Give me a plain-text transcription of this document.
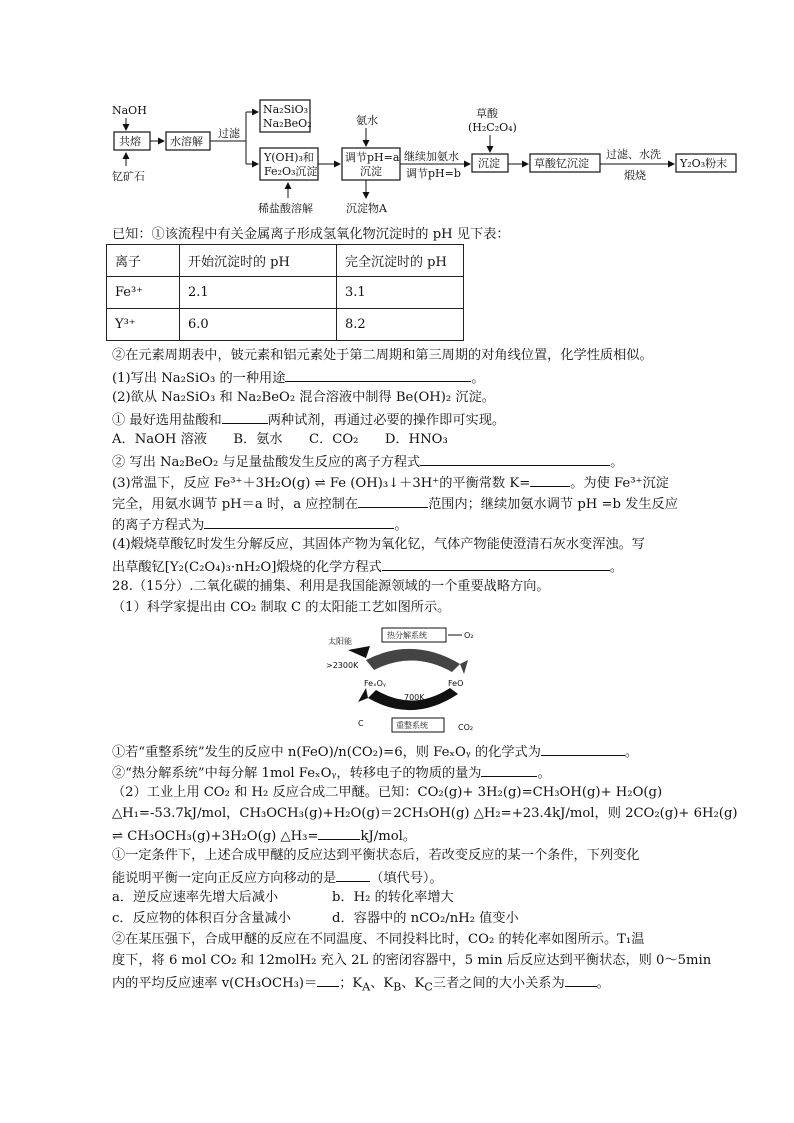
NaOH
共熔
钇矿石
水溶解
过滤
Na₂SiO₃
Na₂BeO₂
Y(OH)₃和
Fe₂O₃沉淀
稀盐酸溶解
氨水
调节pH=a
沉淀
沉淀物A
继续加氨水
调节pH=b
沉淀
草酸
(H₂C₂O₄)
草酸钇沉淀
过滤、水洗
煅烧
Y₂O₃粉末
已知：①该流程中有关金属离子形成氢氧化物沉淀时的 pH 见下表：
离子	开始沉淀时的 pH	完全沉淀时的 pH
Fe³⁺	2.1	3.1
Y³⁺	6.0	8.2
②在元素周期表中，铍元素和铝元素处于第二周期和第三周期的对角线位置，化学性质相似。
(1)写出 Na₂SiO₃ 的一种用途	。
(2)欲从 Na₂SiO₃ 和 Na₂BeO₂ 混合溶液中制得 Be(OH)₂ 沉淀。
① 最好选用盐酸和	两种试剂，再通过必要的操作即可实现。
A．NaOH 溶液　　B．氨水　　C．CO₂　　D．HNO₃
② 写出 Na₂BeO₂ 与足量盐酸发生反应的离子方程式	。
(3)常温下，反应 Fe³⁺＋3H₂O(g) ⇌ Fe (OH)₃↓＋3H⁺的平衡常数 K=	。为使 Fe³⁺沉淀
完全，用氨水调节 pH＝a 时，a 应控制在	范围内；继续加氨水调节 pH =b 发生反应
的离子方程式为	。
(4)煅烧草酸钇时发生分解反应，其固体产物为氧化钇，气体产物能使澄清石灰水变浑浊。写
出草酸钇[Y₂(C₂O₄)₃·nH₂O]煅烧的化学方程式	。
28.（15分）.二氧化碳的捕集、利用是我国能源领域的一个重要战略方向。
（1）科学家提出由 CO₂ 制取 C 的太阳能工艺如图所示。
太阳能
>2300K
热分解系统	O₂
FeₓOᵧ
700K
FeO
C	重整系统	CO₂
①若“重整系统”发生的反应中 n(FeO)/n(CO₂)=6，则 FeₓOᵧ 的化学式为	。
②“热分解系统”中每分解 1mol FeₓOᵧ，转移电子的物质的量为	。
（2）工业上用 CO₂ 和 H₂ 反应合成二甲醚。已知：CO₂(g)+ 3H₂(g)=CH₃OH(g)+ H₂O(g)
△H₁=-53.7kJ/mol，CH₃OCH₃(g)+H₂O(g)＝2CH₃OH(g) △H₂=+23.4kJ/mol，则 2CO₂(g)+ 6H₂(g)
⇌ CH₃OCH₃(g)+3H₂O(g) △H₃=	kJ/mol。
①一定条件下，上述合成甲醚的反应达到平衡状态后，若改变反应的某一个条件，下列变化
能说明平衡一定向正反应方向移动的是	（填代号）。
a．逆反应速率先增大后减小	b．H₂ 的转化率增大
c．反应物的体积百分含量减小	d．容器中的 nCO₂/nH₂ 值变小
②在某压强下，合成甲醚的反应在不同温度、不同投料比时，CO₂ 的转化率如图所示。T₁温
度下，将 6 mol CO₂ 和 12molH₂ 充入 2L 的密闭容器中，5 min 后反应达到平衡状态，则 0～5min
内的平均反应速率 v(CH₃OCH₃)＝ ；$K_A$、$K_B$、$K_C$三者之间的大小关系为 。
